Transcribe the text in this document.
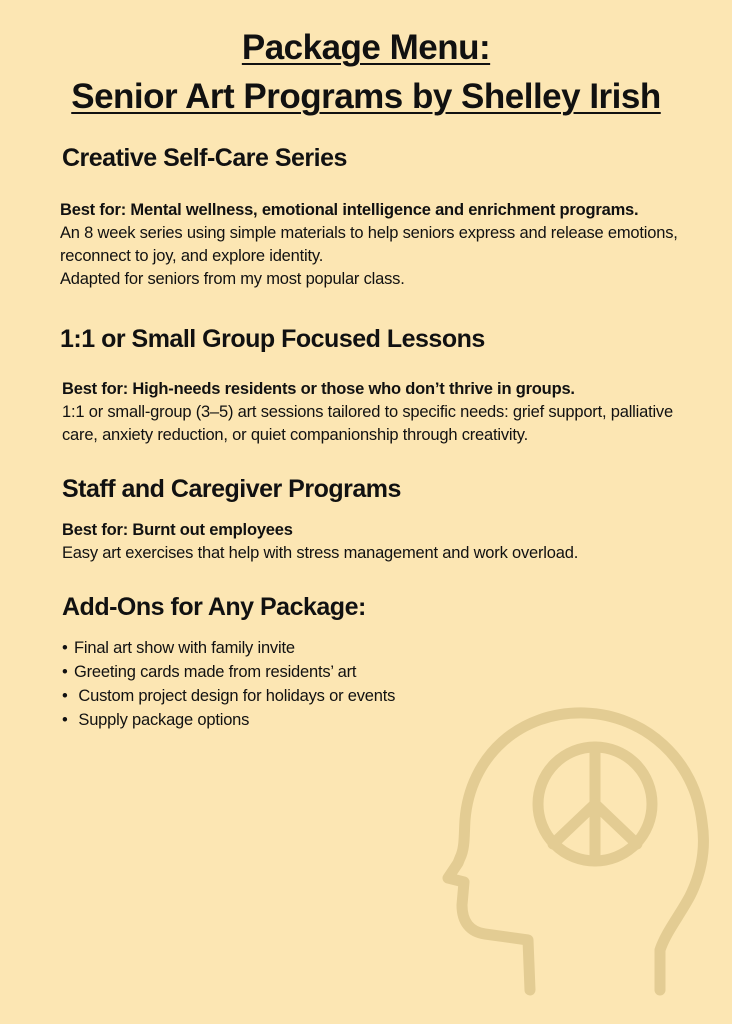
Package Menu:
Senior Art Programs by Shelley Irish
Creative Self-Care Series
Best for: Mental wellness, emotional intelligence and enrichment programs.
An 8 week series using simple materials to help seniors express and release emotions,
reconnect to joy, and explore identity.
Adapted for seniors from my most popular class.
1:1 or Small Group Focused Lessons
Best for: High-needs residents or those who don’t thrive in groups.
1:1 or small-group (3–5) art sessions tailored to specific needs: grief support, palliative
care, anxiety reduction, or quiet companionship through creativity.
Staff and Caregiver Programs
Best for: Burnt out employees
Easy art exercises that help with stress management and work overload.
Add-Ons for Any Package:
• Final art show with family invite
• Greeting cards made from residents’ art
• Custom project design for holidays or events
• Supply package options
